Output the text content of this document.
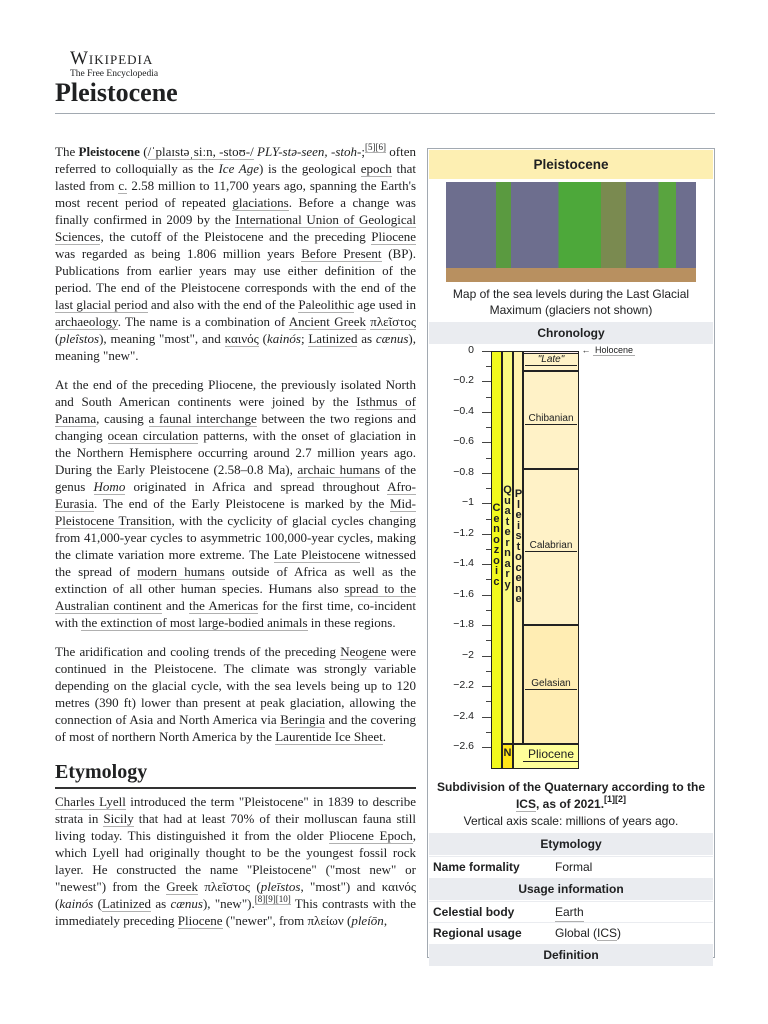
Wikipedia
The Free Encyclopedia
Pleistocene

The Pleistocene (/ˈplaɪstəˌsiːn, -stoʊ-/ PLY-stə-seen, -stoh-;[5][6] often referred to colloquially as the Ice Age) is the geological epoch that lasted from c. 2.58 million to 11,700 years ago, spanning the Earth's most recent period of repeated glaciations. Before a change was finally confirmed in 2009 by the International Union of Geological Sciences, the cutoff of the Pleistocene and the preceding Pliocene was regarded as being 1.806 million years Before Present (BP). Publications from earlier years may use either definition of the period. The end of the Pleistocene corresponds with the end of the last glacial period and also with the end of the Paleolithic age used in archaeology. The name is a combination of Ancient Greek πλεῖστος (pleîstos), meaning "most", and καινός (kainós; Latinized as cænus), meaning "new".

At the end of the preceding Pliocene, the previously isolated North and South American continents were joined by the Isthmus of Panama, causing a faunal interchange between the two regions and changing ocean circulation patterns, with the onset of glaciation in the Northern Hemisphere occurring around 2.7 million years ago. During the Early Pleistocene (2.58–0.8 Ma), archaic humans of the genus Homo originated in Africa and spread throughout Afro-Eurasia. The end of the Early Pleistocene is marked by the Mid-Pleistocene Transition, with the cyclicity of glacial cycles changing from 41,000-year cycles to asymmetric 100,000-year cycles, making the climate variation more extreme. The Late Pleistocene witnessed the spread of modern humans outside of Africa as well as the extinction of all other human species. Humans also spread to the Australian continent and the Americas for the first time, co-incident with the extinction of most large-bodied animals in these regions.

The aridification and cooling trends of the preceding Neogene were continued in the Pleistocene. The climate was strongly variable depending on the glacial cycle, with the sea levels being up to 120 metres (390 ft) lower than present at peak glaciation, allowing the connection of Asia and North America via Beringia and the covering of most of northern North America by the Laurentide Ice Sheet.

Etymology

Charles Lyell introduced the term "Pleistocene" in 1839 to describe strata in Sicily that had at least 70% of their molluscan fauna still living today. This distinguished it from the older Pliocene Epoch, which Lyell had originally thought to be the youngest fossil rock layer. He constructed the name "Pleistocene" ("most new" or "newest") from the Greek πλεῖστος (pleīstos, "most") and καινός (kainós (Latinized as cænus), "new").[8][9][10] This contrasts with the immediately preceding Pliocene ("newer", from πλείων (pleíōn,

Pleistocene
Map of the sea levels during the Last Glacial Maximum (glaciers not shown)
Chronology
0
−0.2
−0.4
−0.6
−0.8
−1
−1.2
−1.4
−1.6
−1.8
−2
−2.2
−2.4
−2.6
"Late"
Chibanian
Calabrian
Gelasian
C
e
n
o
z
o
i
c
Q
u
a
t
e
r
n
a
r
y
P
l
e
i
s
t
o
c
e
n
e
N	Pliocene
← Holocene
Subdivision of the Quaternary according to the ICS, as of 2021.[1][2]
Vertical axis scale: millions of years ago.
Etymology
Name formality	Formal
Usage information
Celestial body	Earth
Regional usage	Global (ICS)
Definition
